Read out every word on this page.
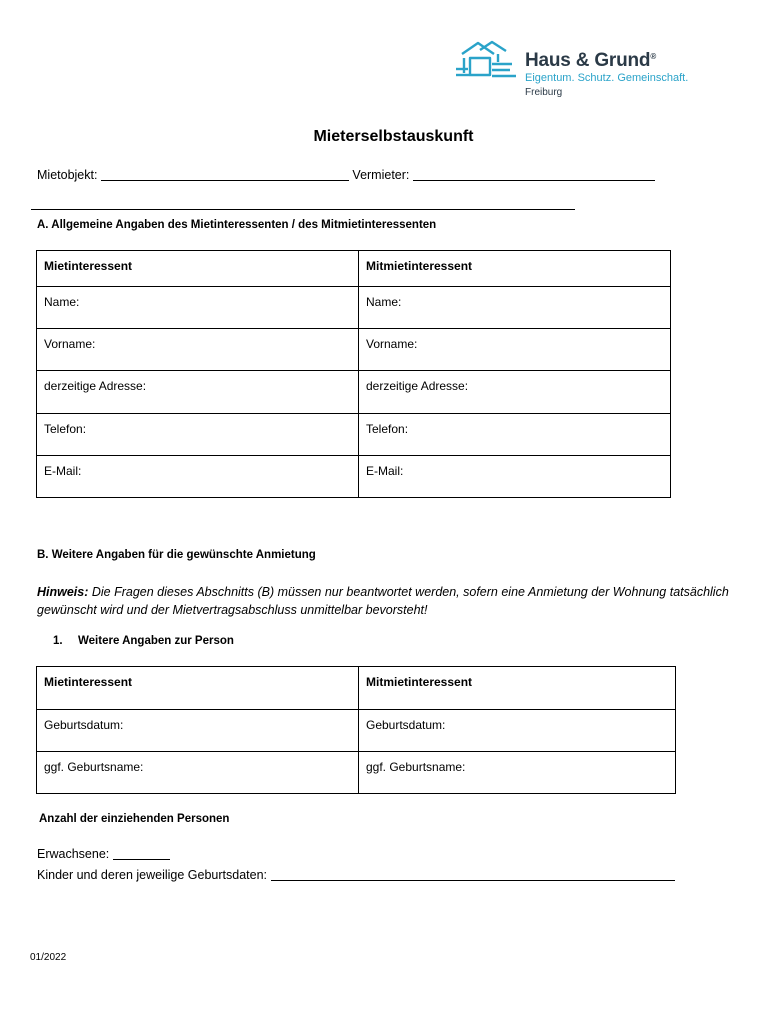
Haus & Grund®
Eigentum. Schutz. Gemeinschaft.
Freiburg
Mieterselbstauskunft
Mietobjekt:	Vermieter:
A. Allgemeine Angaben des Mietinteressenten / des Mitmietinteressenten
Mietinteressent	Mitmietinteressent
Name:	Name:
Vorname:	Vorname:
derzeitige Adresse:	derzeitige Adresse:
Telefon:	Telefon:
E-Mail:	E-Mail:
B. Weitere Angaben für die gewünschte Anmietung
Hinweis: Die Fragen dieses Abschnitts (B) müssen nur beantwortet werden, sofern eine Anmietung der Wohnung tatsächlich gewünscht wird und der Mietvertragsabschluss unmittelbar bevorsteht!
1. Weitere Angaben zur Person
Mietinteressent	Mitmietinteressent
Geburtsdatum:	Geburtsdatum:
ggf. Geburtsname:	ggf. Geburtsname:
Anzahl der einziehenden Personen
Erwachsene:
Kinder und deren jeweilige Geburtsdaten:
01/2022
